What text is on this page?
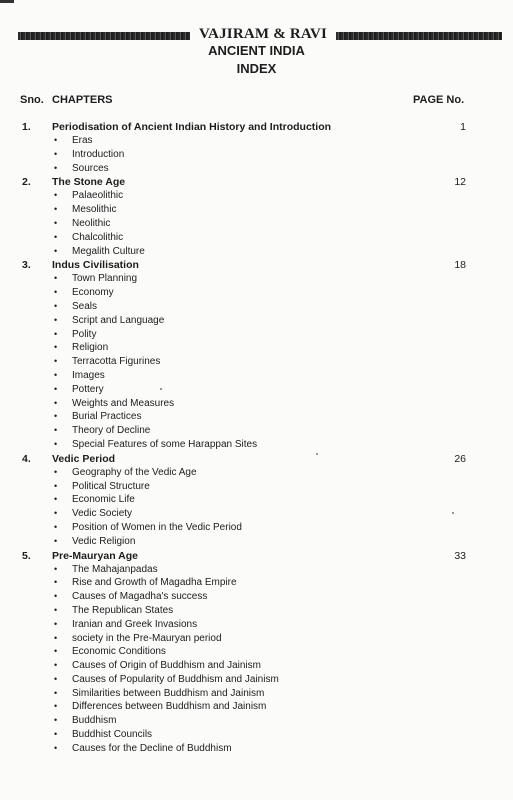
VAJIRAM & RAVI
ANCIENT INDIA
INDEX
Sno. CHAPTERS	PAGE No.
1. Periodisation of Ancient Indian History and Introduction	1
• Eras
• Introduction
• Sources
2. The Stone Age	12
• Palaeolithic
• Mesolithic
• Neolithic
• Chalcolithic
• Megalith Culture
3. Indus Civilisation	18
• Town Planning
• Economy
• Seals
• Script and Language
• Polity
• Religion
• Terracotta Figurines
• Images
• Pottery
• Weights and Measures
• Burial Practices
• Theory of Decline
• Special Features of some Harappan Sites
4. Vedic Period	26
• Geography of the Vedic Age
• Political Structure
• Economic Life
• Vedic Society
• Position of Women in the Vedic Period
• Vedic Religion
5. Pre-Mauryan Age	33
• The Mahajanpadas
• Rise and Growth of Magadha Empire
• Causes of Magadha's success
• The Republican States
• Iranian and Greek Invasions
• society in the Pre-Mauryan period
• Economic Conditions
• Causes of Origin of Buddhism and Jainism
• Causes of Popularity of Buddhism and Jainism
• Similarities between Buddhism and Jainism
• Differences between Buddhism and Jainism
• Buddhism
• Buddhist Councils
• Causes for the Decline of Buddhism
